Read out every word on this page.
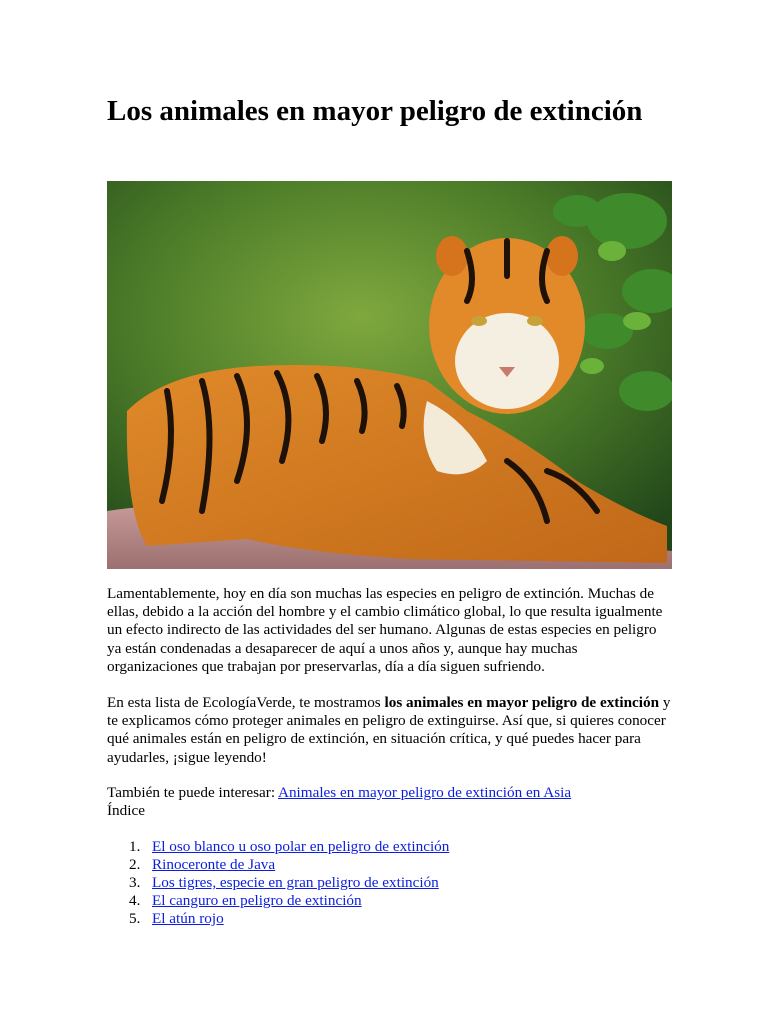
Los animales en mayor peligro de extinción

Lamentablemente, hoy en día son muchas las especies en peligro de extinción. Muchas de ellas, debido a la acción del hombre y el cambio climático global, lo que resulta igualmente un efecto indirecto de las actividades del ser humano. Algunas de estas especies en peligro ya están condenadas a desaparecer de aquí a unos años y, aunque hay muchas organizaciones que trabajan por preservarlas, día a día siguen sufriendo.

En esta lista de EcologíaVerde, te mostramos los animales en mayor peligro de extinción y te explicamos cómo proteger animales en peligro de extinguirse. Así que, si quieres conocer qué animales están en peligro de extinción, en situación crítica, y qué puedes hacer para ayudarles, ¡sigue leyendo!

También te puede interesar: Animales en mayor peligro de extinción en Asia

Índice

1. El oso blanco u oso polar en peligro de extinción
2. Rinoceronte de Java
3. Los tigres, especie en gran peligro de extinción
4. El canguro en peligro de extinción
5. El atún rojo
